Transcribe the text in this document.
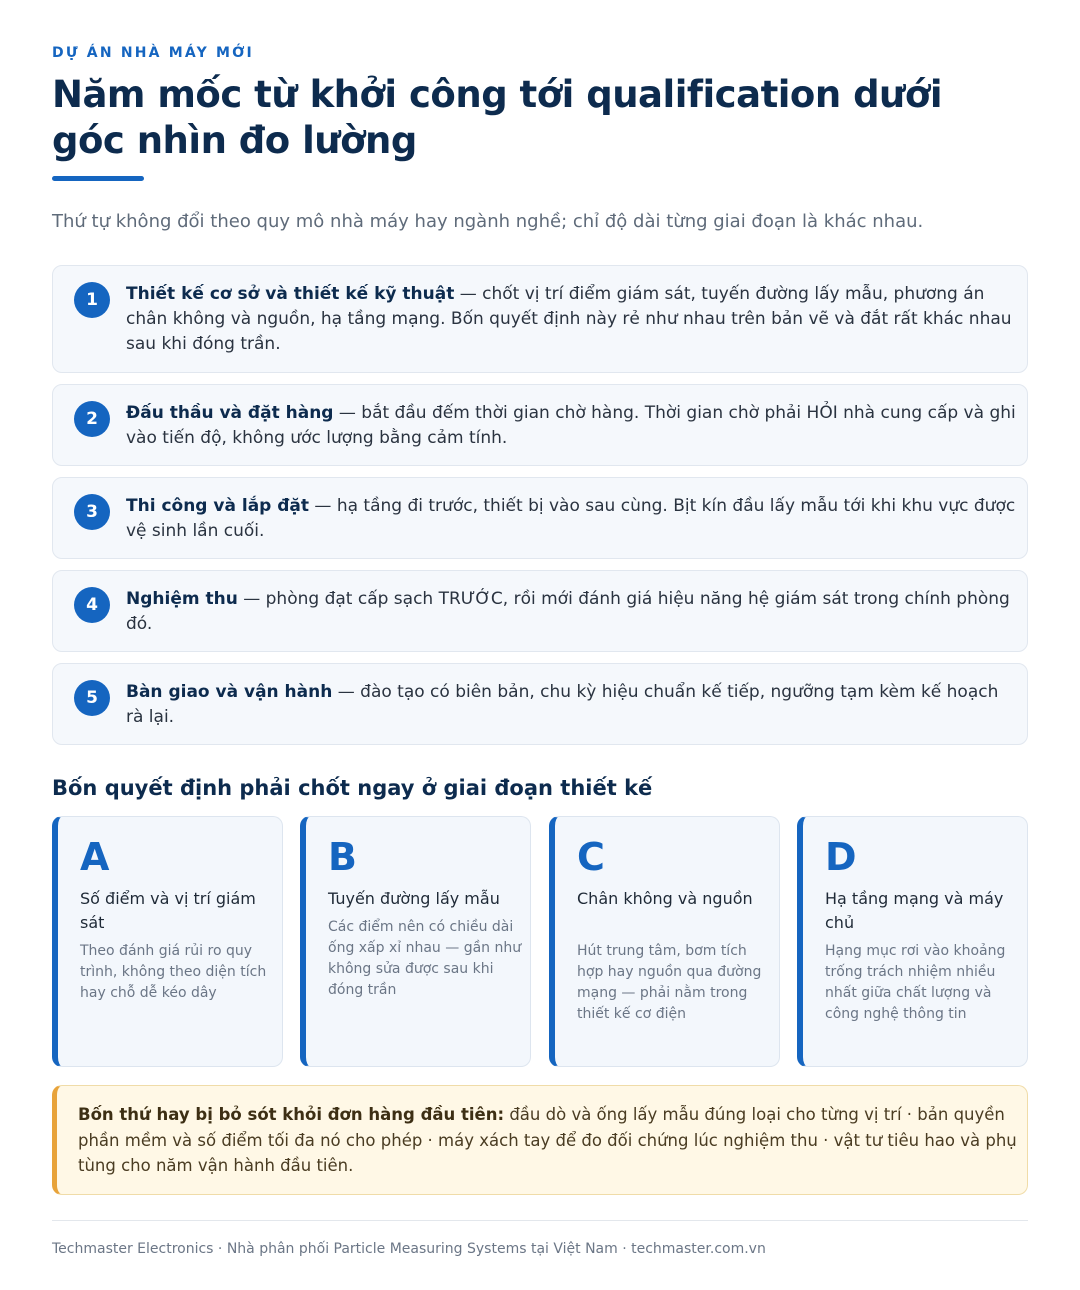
DỰ ÁN NHÀ MÁY MỚI
Năm mốc từ khởi công tới qualification dưới góc nhìn đo lường

Thứ tự không đổi theo quy mô nhà máy hay ngành nghề; chỉ độ dài từng giai đoạn là khác nhau.

1	Thiết kế cơ sở và thiết kế kỹ thuật — chốt vị trí điểm giám sát, tuyến đường lấy mẫu, phương án chân không và nguồn, hạ tầng mạng. Bốn quyết định này rẻ như nhau trên bản vẽ và đắt rất khác nhau sau khi đóng trần.

2	Đấu thầu và đặt hàng — bắt đầu đếm thời gian chờ hàng. Thời gian chờ phải HỎI nhà cung cấp và ghi vào tiến độ, không ước lượng bằng cảm tính.

3	Thi công và lắp đặt — hạ tầng đi trước, thiết bị vào sau cùng. Bịt kín đầu lấy mẫu tới khi khu vực được vệ sinh lần cuối.

4	Nghiệm thu — phòng đạt cấp sạch TRƯỚC, rồi mới đánh giá hiệu năng hệ giám sát trong chính phòng đó.

5	Bàn giao và vận hành — đào tạo có biên bản, chu kỳ hiệu chuẩn kế tiếp, ngưỡng tạm kèm kế hoạch rà lại.

Bốn quyết định phải chốt ngay ở giai đoạn thiết kế
A
Số điểm và vị trí giám sát
Theo đánh giá rủi ro quy trình, không theo diện tích hay chỗ dễ kéo dây
B
Tuyến đường lấy mẫu
Các điểm nên có chiều dài ống xấp xỉ nhau — gần như không sửa được sau khi đóng trần
C
Chân không và nguồn
Hút trung tâm, bơm tích hợp hay nguồn qua đường mạng — phải nằm trong thiết kế cơ điện
D
Hạ tầng mạng và máy chủ
Hạng mục rơi vào khoảng trống trách nhiệm nhiều nhất giữa chất lượng và công nghệ thông tin

Bốn thứ hay bị bỏ sót khỏi đơn hàng đầu tiên: đầu dò và ống lấy mẫu đúng loại cho từng vị trí · bản quyền phần mềm và số điểm tối đa nó cho phép · máy xách tay để đo đối chứng lúc nghiệm thu · vật tư tiêu hao và phụ tùng cho năm vận hành đầu tiên.

Techmaster Electronics · Nhà phân phối Particle Measuring Systems tại Việt Nam · techmaster.com.vn
